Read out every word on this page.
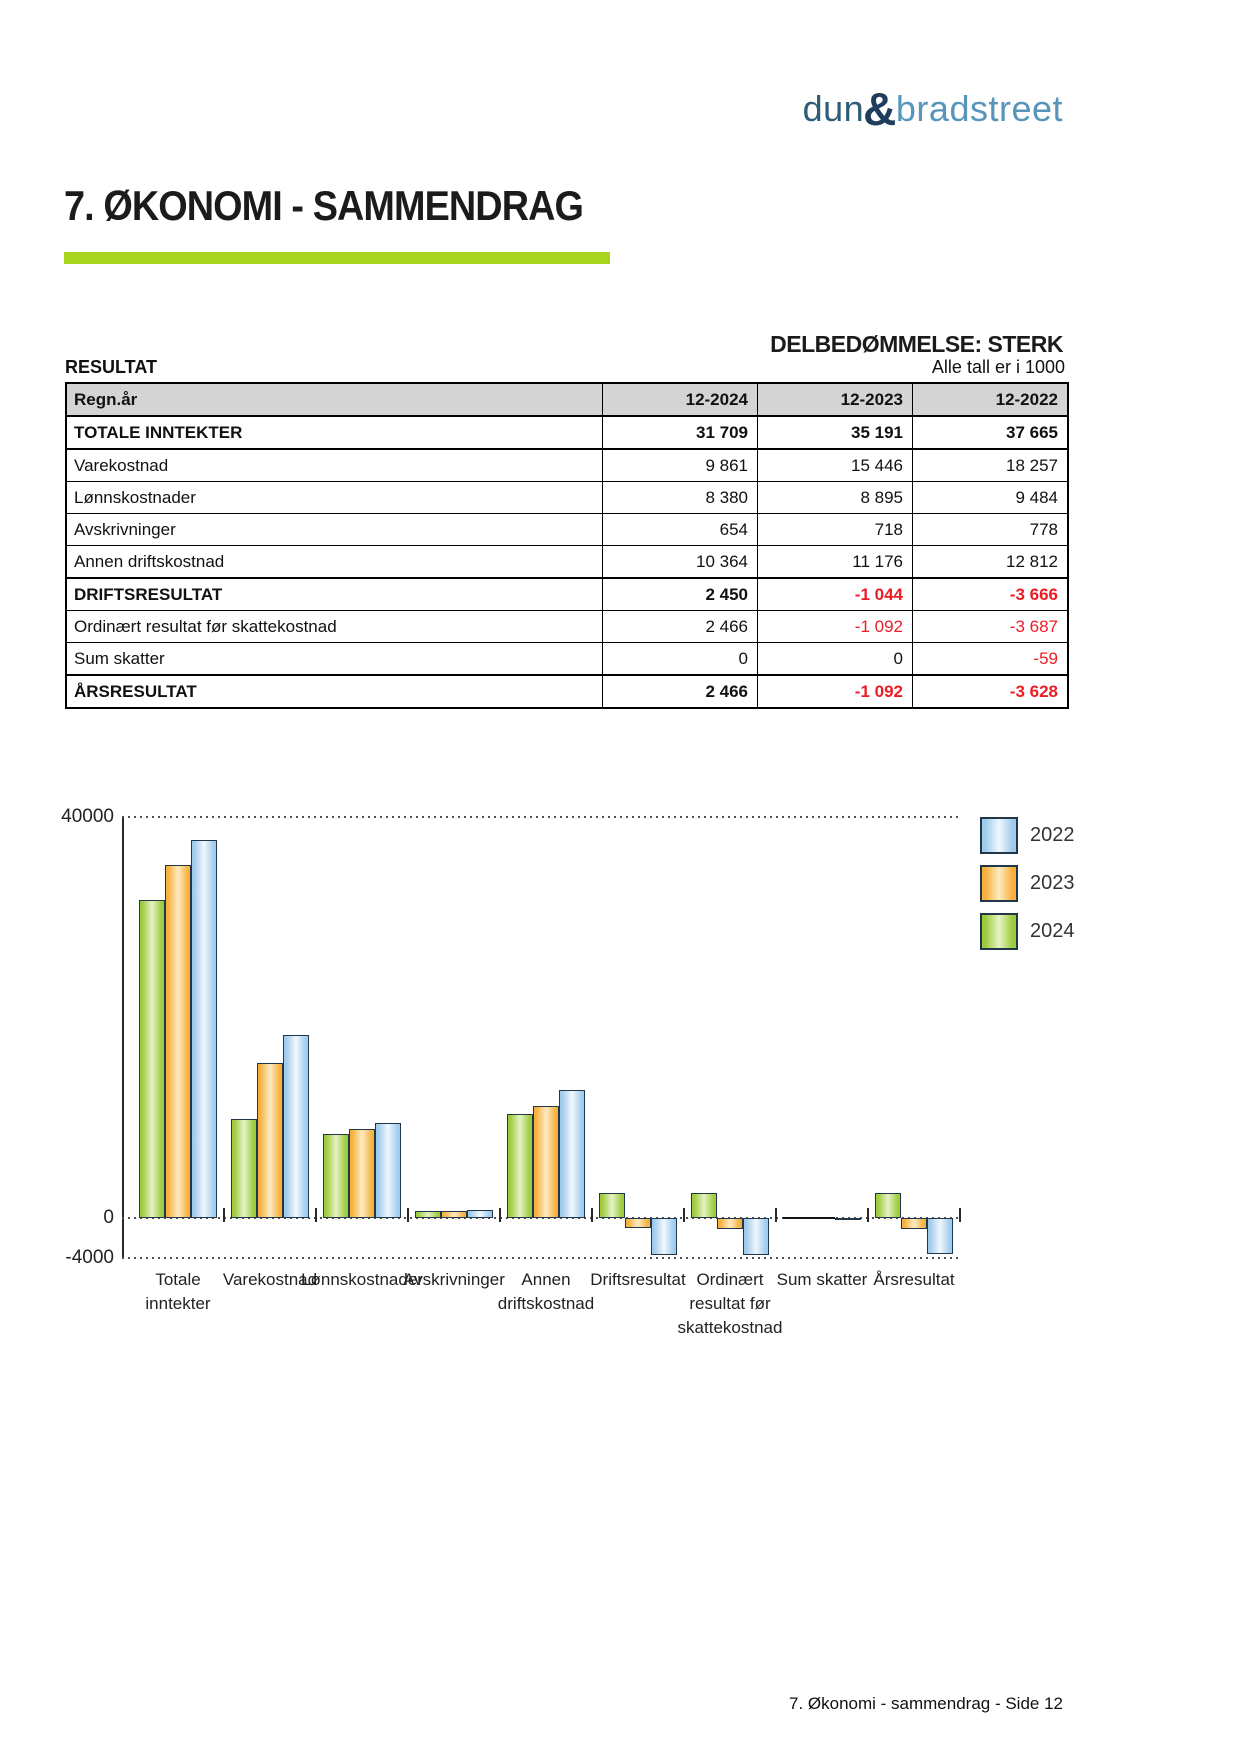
dun&bradstreet
7. ØKONOMI - SAMMENDRAG
DELBEDØMMELSE: STERK
RESULTAT	Alle tall er i 1000
Regn.år	12-2024	12-2023	12-2022
TOTALE INNTEKTER	31 709	35 191	37 665
Varekostnad	9 861	15 446	18 257
Lønnskostnader	8 380	8 895	9 484
Avskrivninger	654	718	778
Annen driftskostnad	10 364	11 176	12 812
DRIFTSRESULTAT	2 450	-1 044	-3 666
Ordinært resultat før skattekostnad	2 466	-1 092	-3 687
Sum skatter	0	0	-59
ÅRSRESULTAT	2 466	-1 092	-3 628
40000
0
-4000
Totale
inntekter
Varekostnad
Lønnskostnader
Avskrivninger Annen
driftskostnad
Driftsresultat Ordinært
resultat før
skattekostnad
Sum skatter Årsresultat
2022
2023
2024
7. Økonomi - sammendrag - Side 12
